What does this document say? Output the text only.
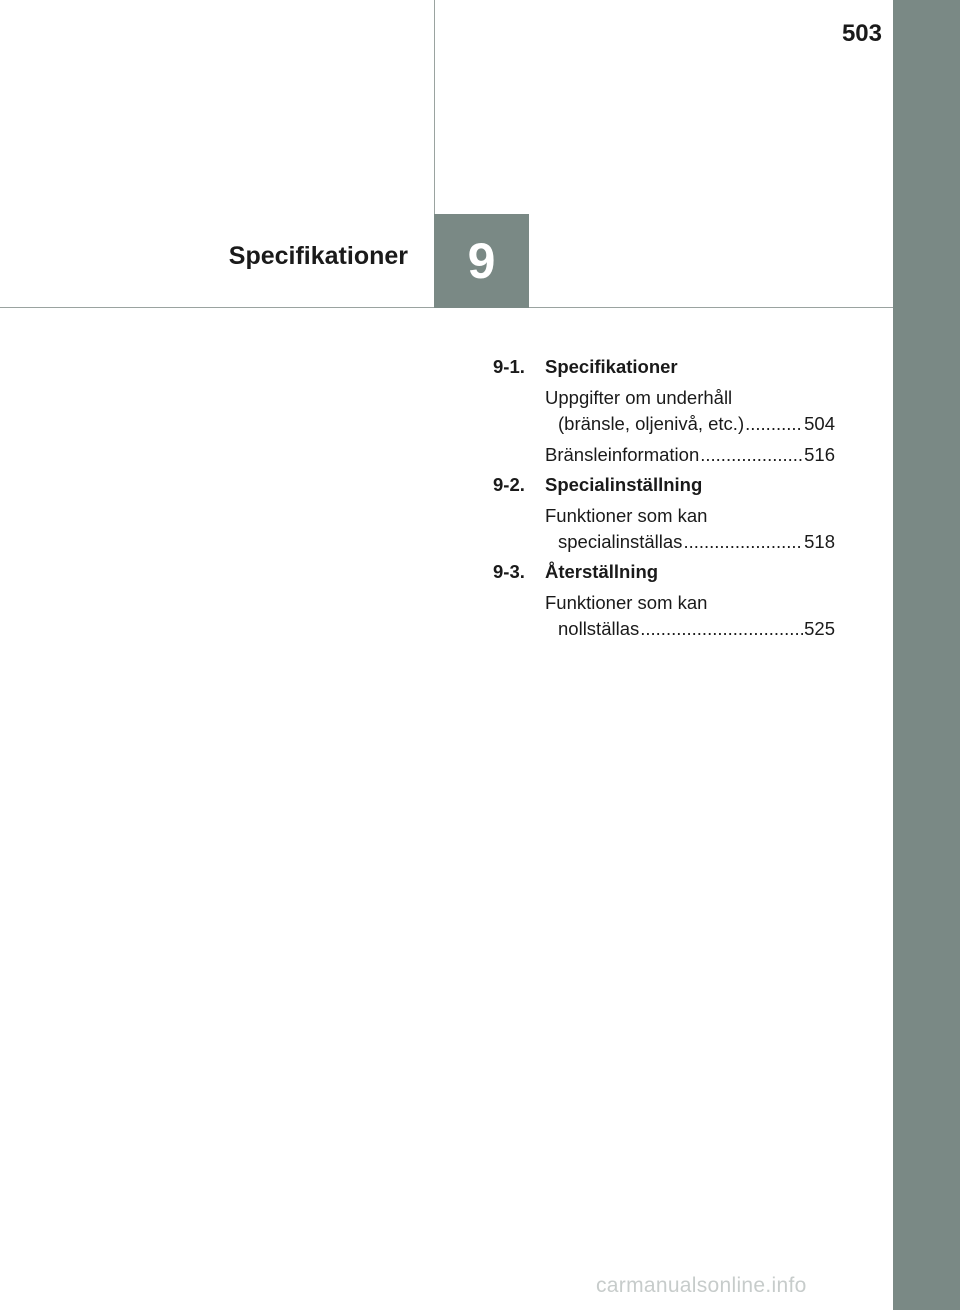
503
Specifikationer	9
9-1.	Specifikationer
Uppgifter om underhåll
(bränsle, oljenivå, etc.) .....	504
Bränsleinformation .....	516
9-2.	Specialinställning
Funktioner som kan
specialinställas .....	518
9-3.	Återställning
Funktioner som kan
nollställas .....	525
carmanualsonline.info
